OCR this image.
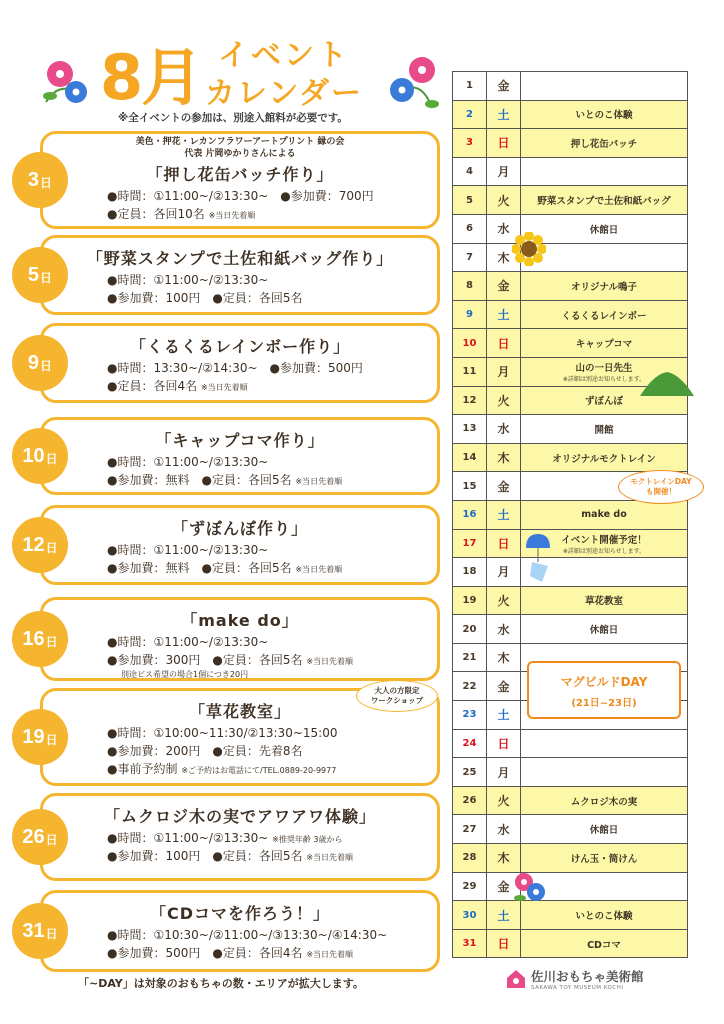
8月 イベント
カレンダー
※全イベントの参加は、別途入館料が必要です。
美色・押花・レカンフラワーアートプリント 縁の会
代表 片岡ゆかりさんによる
「押し花缶バッチ作り」
●時間：①11:00~/②13:30~　●参加費：700円
●定員：各回10名 ※当日先着順
3 日
「野菜スタンプで土佐和紙バッグ作り」
●時間：①11:00~/②13:30~
●参加費：100円　●定員：各回5名
5 日
「くるくるレインボー作り」
●時間：13:30~/②14:30~　●参加費：500円
●定員：各回4名 ※当日先着順
9 日
「キャップコマ作り」
●時間：①11:00~/②13:30~
●参加費：無料　●定員：各回5名 ※当日先着順
10 日
「ずぼんぼ作り」
●時間：①11:00~/②13:30~
●参加費：無料　●定員：各回5名 ※当日先着順
12 日
「make do」
●時間：①11:00~/②13:30~
●参加費：300円　●定員：各回5名 ※当日先着順
別途ビス希望の場合1個につき20円
16 日
「草花教室」
●時間：①10:00~11:30/②13:30~15:00
●参加費：200円　●定員：先着8名
●事前予約制 ※ご予約はお電話にて/TEL.0889-20-9977
19 日
大人の方限定
ワークショップ
「ムクロジ木の実でアワアワ体験」
●時間：①11:00~/②13:30~ ※推奨年齢 3歳から
●参加費：100円　●定員：各回5名 ※当日先着順
26 日
「CDコマを作ろう！」
●時間：①10:30~/②11:00~/③13:30~/④14:30~
●参加費：500円　●定員：各回4名 ※当日先着順
31 日
1	金	
2	土	いとのこ体験
3	日	押し花缶バッチ
4	月	
5	火	野菜スタンプで土佐和紙バッグ
6	水	休館日
7	木	
8	金	オリジナル鳴子
9	土	くるくるレインボー
10	日	キャップコマ
11	月	山の一日先生
※詳細は別途お知らせします。

12	火	ずぼんぼ
13	水	開館
14	木	オリジナルモクトレイン
15	金	
16	土	make do
17	日	イベント開催予定！
※詳細は別途お知らせします。

18	月	
19	火	草花教室
20	水	休館日
21	木	
22	金	
23	土	
24	日	
25	月	
26	火	ムクロジ木の実
27	水	休館日
28	木	けん玉・筒けん
29	金	
30	土	いとのこ体験
31	日	CDコマ
モクトレインDAY
も開催！
マグビルドDAY
(21日~23日)
「~DAY」は対象のおもちゃの数・エリアが拡大します。	佐川おもちゃ美術館
SAKAWA TOY MUSEUM KOCHI
